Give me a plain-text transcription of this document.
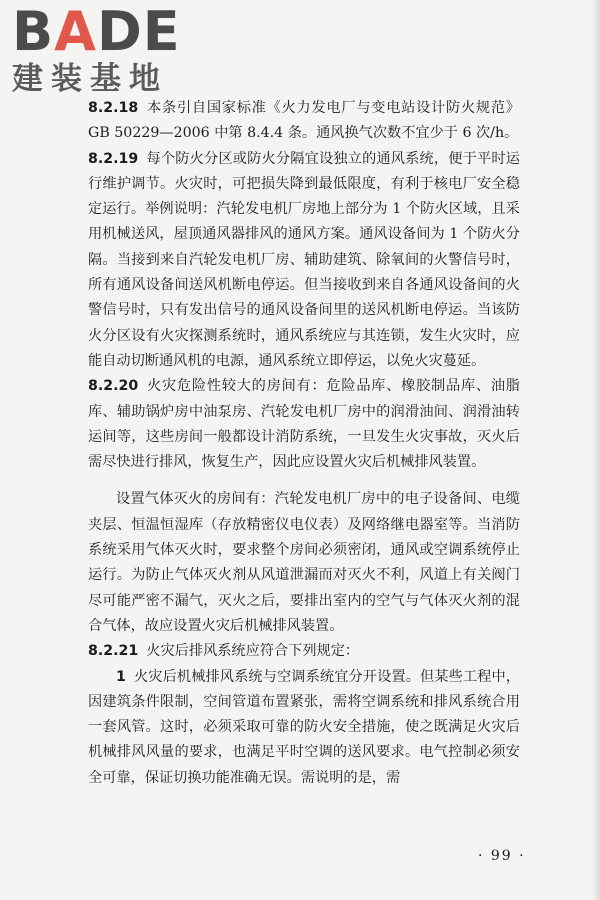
BADE
建装基地

8.2.18 本条引自国家标准《火力发电厂与变电站设计防火规范》GB 50229—2006 中第 8.4.4 条。通风换气次数不宜少于 6 次/h。

8.2.19 每个防火分区或防火分隔宜设独立的通风系统，便于平时运行维护调节。火灾时，可把损失降到最低限度，有利于核电厂安全稳定运行。举例说明：汽轮发电机厂房地上部分为 1 个防火区域，且采用机械送风，屋顶通风器排风的通风方案。通风设备间为 1 个防火分隔。当接到来自汽轮发电机厂房、辅助建筑、除氧间的火警信号时，所有通风设备间送风机断电停运。但当接收到来自各通风设备间的火警信号时，只有发出信号的通风设备间里的送风机断电停运。当该防火分区设有火灾探测系统时，通风系统应与其连锁，发生火灾时，应能自动切断通风机的电源，通风系统立即停运，以免火灾蔓延。

8.2.20 火灾危险性较大的房间有：危险品库、橡胶制品库、油脂库、辅助锅炉房中油泵房、汽轮发电机厂房中的润滑油间、润滑油转运间等，这些房间一般都设计消防系统，一旦发生火灾事故，灭火后需尽快进行排风，恢复生产，因此应设置火灾后机械排风装置。

设置气体灭火的房间有：汽轮发电机厂房中的电子设备间、电缆夹层、恒温恒湿库（存放精密仪电仪表）及网络继电器室等。当消防系统采用气体灭火时，要求整个房间必须密闭，通风或空调系统停止运行。为防止气体灭火剂从风道泄漏而对灭火不利，风道上有关阀门尽可能严密不漏气，灭火之后，要排出室内的空气与气体灭火剂的混合气体，故应设置火灾后机械排风装置。

8.2.21 火灾后排风系统应符合下列规定：

1 火灾后机械排风系统与空调系统宜分开设置。但某些工程中，因建筑条件限制，空间管道布置紧张，需将空调系统和排风系统合用一套风管。这时，必须采取可靠的防火安全措施，使之既满足火灾后机械排风风量的要求，也满足平时空调的送风要求。电气控制必须安全可靠，保证切换功能准确无误。需说明的是，需

· 99 ·
